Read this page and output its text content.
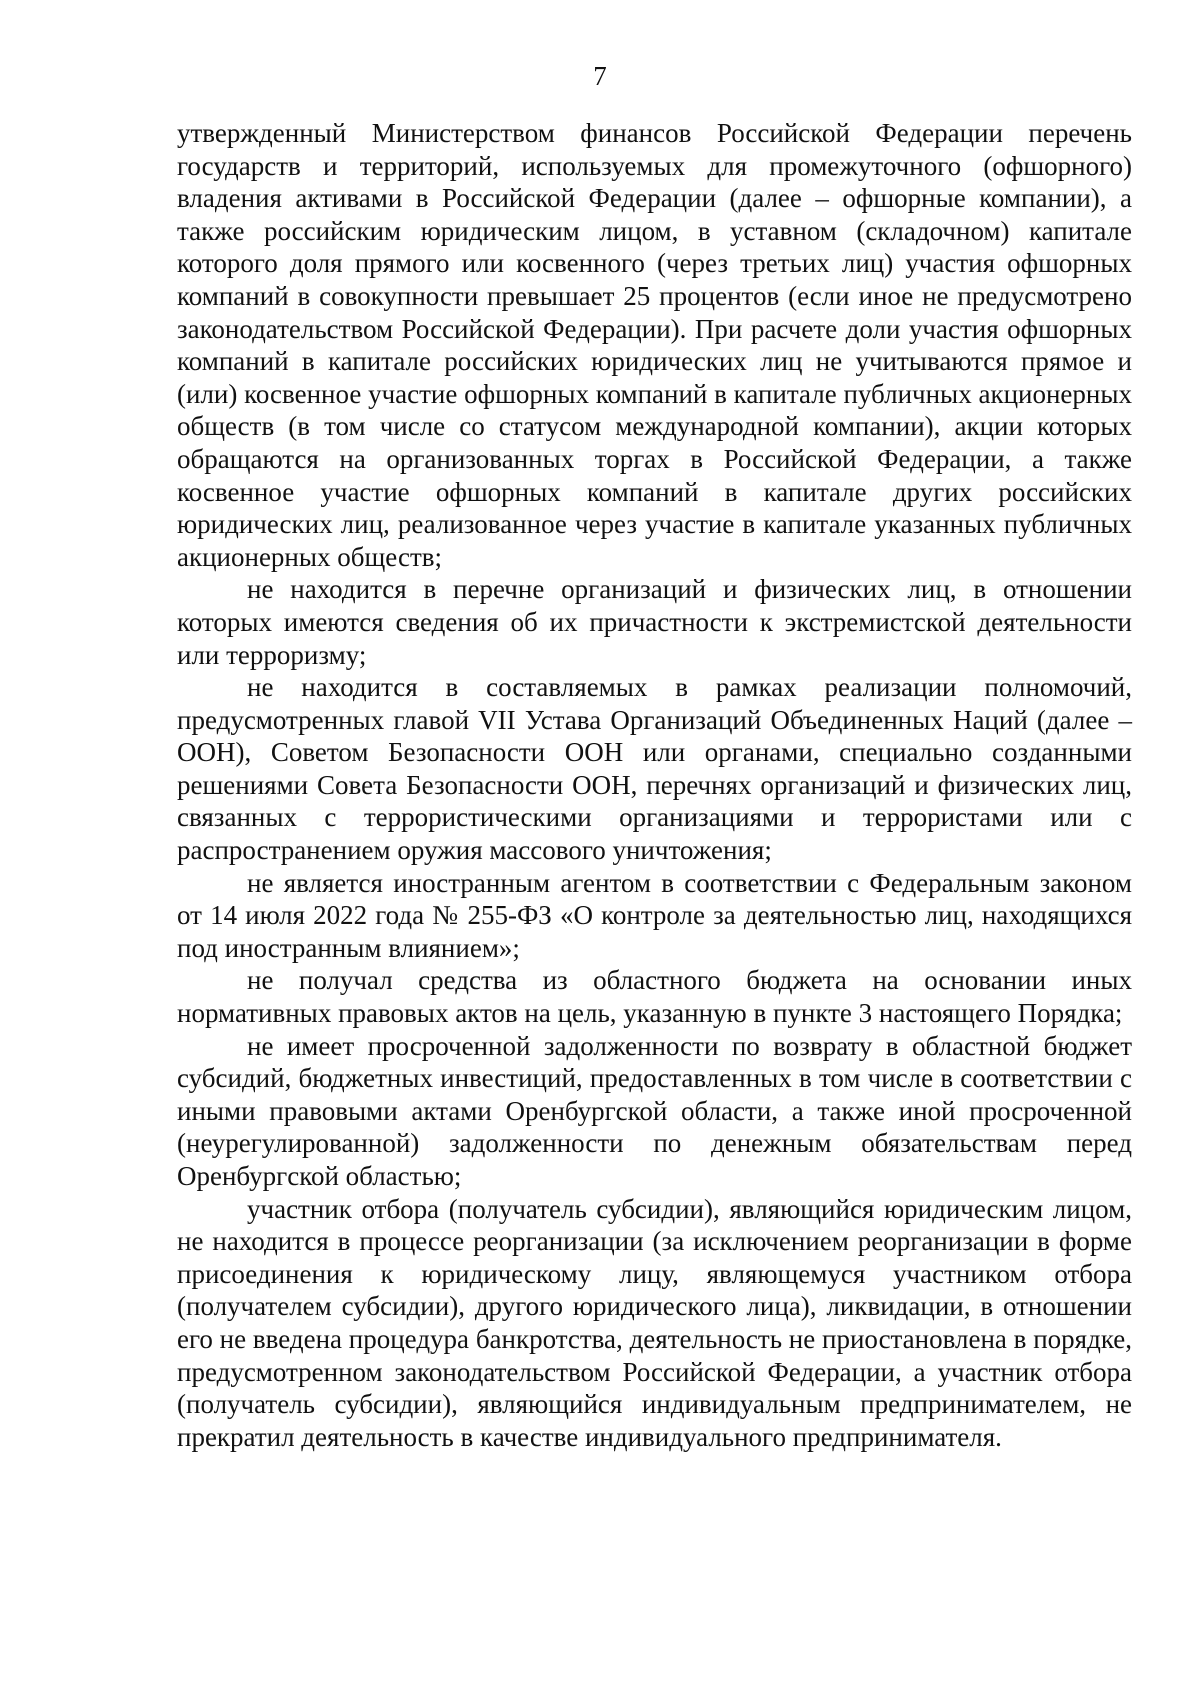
7

утвержденный Министерством финансов Российской Федерации перечень государств и территорий, используемых для промежуточного (офшорного) владения активами в Российской Федерации (далее – офшорные компании), а также российским юридическим лицом, в уставном (складочном) капитале которого доля прямого или косвенного (через третьих лиц) участия офшорных компаний в совокупности превышает 25 процентов (если иное не предусмотрено законодательством Российской Федерации). При расчете доли участия офшорных компаний в капитале российских юридических лиц не учитываются прямое и (или) косвенное участие офшорных компаний в капитале публичных акционерных обществ (в том числе со статусом международной компании), акции которых обращаются на организованных торгах в Российской Федерации, а также косвенное участие офшорных компаний в капитале других российских юридических лиц, реализованное через участие в капитале указанных публичных акционерных обществ;

не находится в перечне организаций и физических лиц, в отношении которых имеются сведения об их причастности к экстремистской деятельности или терроризму;

не находится в составляемых в рамках реализации полномочий, предусмотренных главой VII Устава Организаций Объединенных Наций (далее – ООН), Советом Безопасности ООН или органами, специально созданными решениями Совета Безопасности ООН, перечнях организаций и физических лиц, связанных с террористическими организациями и террористами или с распространением оружия массового уничтожения;

не является иностранным агентом в соответствии с Федеральным законом от 14 июля 2022 года № 255-ФЗ «О контроле за деятельностью лиц, находящихся под иностранным влиянием»;

не получал средства из областного бюджета на основании иных нормативных правовых актов на цель, указанную в пункте 3 настоящего Порядка;

не имеет просроченной задолженности по возврату в областной бюджет субсидий, бюджетных инвестиций, предоставленных в том числе в соответствии с иными правовыми актами Оренбургской области, а также иной просроченной (неурегулированной) задолженности по денежным обязательствам перед Оренбургской областью;

участник отбора (получатель субсидии), являющийся юридическим лицом, не находится в процессе реорганизации (за исключением реорганизации в форме присоединения к юридическому лицу, являющемуся участником отбора (получателем субсидии), другого юридического лица), ликвидации, в отношении его не введена процедура банкротства, деятельность не приостановлена в порядке, предусмотренном законодательством Российской Федерации, а участник отбора (получатель субсидии), являющийся индивидуальным предпринимателем, не прекратил деятельность в качестве индивидуального предпринимателя.
